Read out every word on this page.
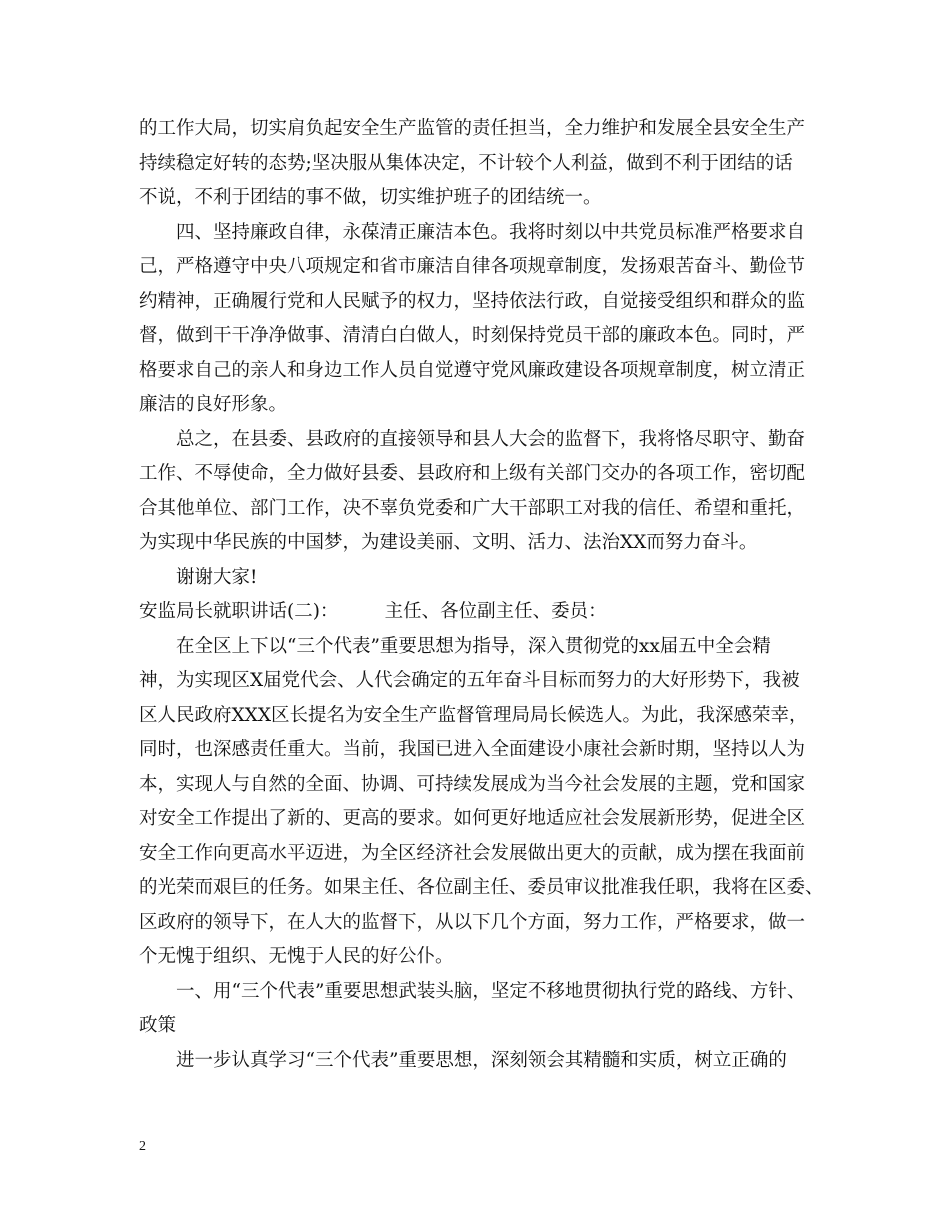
的工作大局，切实肩负起安全生产监管的责任担当，全力维护和发展全县安全生产
持续稳定好转的态势;坚决服从集体决定，不计较个人利益，做到不利于团结的话
不说，不利于团结的事不做，切实维护班子的团结统一。
四、坚持廉政自律，永葆清正廉洁本色。我将时刻以中共党员标准严格要求自
己，严格遵守中央八项规定和省市廉洁自律各项规章制度，发扬艰苦奋斗、勤俭节
约精神，正确履行党和人民赋予的权力，坚持依法行政，自觉接受组织和群众的监
督，做到干干净净做事、清清白白做人，时刻保持党员干部的廉政本色。同时，严
格要求自己的亲人和身边工作人员自觉遵守党风廉政建设各项规章制度，树立清正
廉洁的良好形象。
总之，在县委、县政府的直接领导和县人大会的监督下，我将恪尽职守、勤奋
工作、不辱使命，全力做好县委、县政府和上级有关部门交办的各项工作，密切配
合其他单位、部门工作，决不辜负党委和广大干部职工对我的信任、希望和重托，
为实现中华民族的中国梦，为建设美丽、文明、活力、法治XX而努力奋斗。
谢谢大家!
安监局长就职讲话(二)：　　　主任、各位副主任、委员：
在全区上下以“三个代表”重要思想为指导，深入贯彻党的xx届五中全会精
神，为实现区X届党代会、人代会确定的五年奋斗目标而努力的大好形势下，我被
区人民政府XXX区长提名为安全生产监督管理局局长候选人。为此，我深感荣幸，
同时，也深感责任重大。当前，我国已进入全面建设小康社会新时期，坚持以人为
本，实现人与自然的全面、协调、可持续发展成为当今社会发展的主题，党和国家
对安全工作提出了新的、更高的要求。如何更好地适应社会发展新形势，促进全区
安全工作向更高水平迈进，为全区经济社会发展做出更大的贡献，成为摆在我面前
的光荣而艰巨的任务。如果主任、各位副主任、委员审议批准我任职，我将在区委、
区政府的领导下，在人大的监督下，从以下几个方面，努力工作，严格要求，做一
个无愧于组织、无愧于人民的好公仆。
一、用“三个代表”重要思想武装头脑，坚定不移地贯彻执行党的路线、方针、
政策
进一步认真学习“三个代表”重要思想，深刻领会其精髓和实质，树立正确的
2
